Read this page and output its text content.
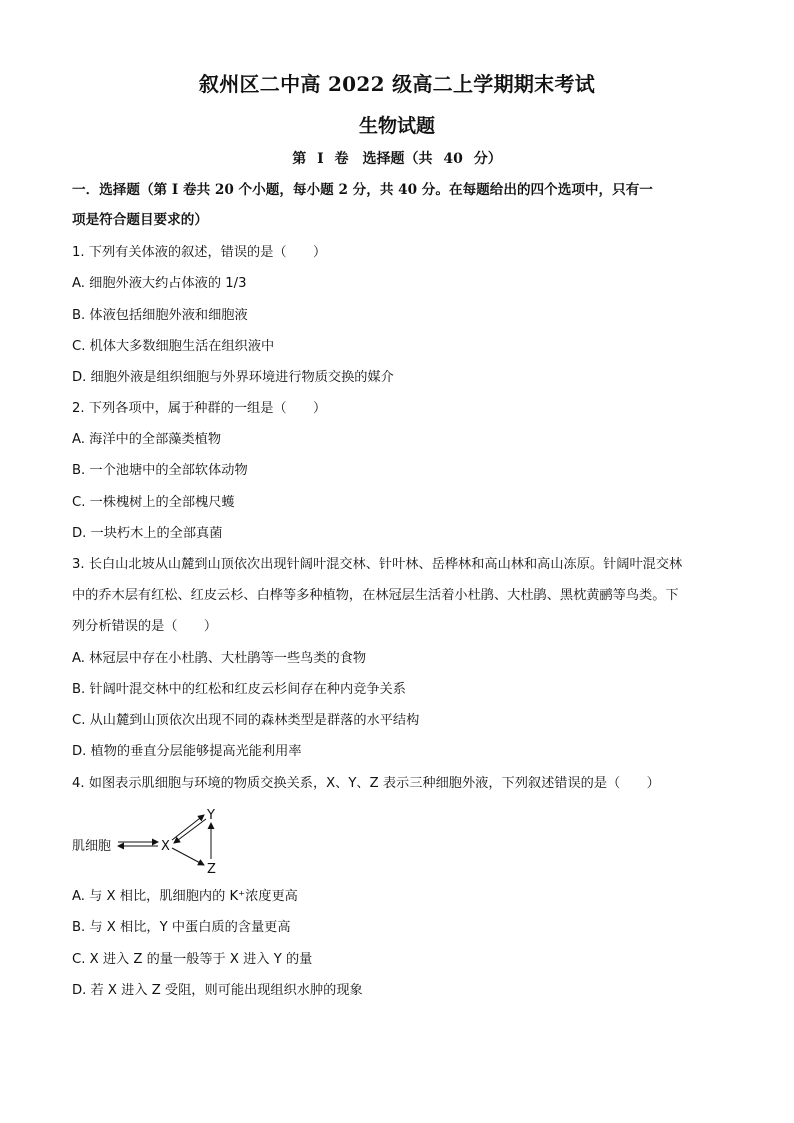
叙州区二中高 2022 级高二上学期期末考试
生物试题
第 I 卷　选择题（共 40 分）
一．选择题（第 I 卷共 20 个小题，每小题 2 分，共 40 分。在每题给出的四个选项中，只有一
项是符合题目要求的）
1. 下列有关体液的叙述，错误的是（　　）
A. 细胞外液大约占体液的 1/3
B. 体液包括细胞外液和细胞液
C. 机体大多数细胞生活在组织液中
D. 细胞外液是组织细胞与外界环境进行物质交换的媒介
2. 下列各项中，属于种群的一组是（　　）
A. 海洋中的全部藻类植物
B. 一个池塘中的全部软体动物
C. 一株槐树上的全部槐尺蠖
D. 一块朽木上的全部真菌
3. 长白山北坡从山麓到山顶依次出现针阔叶混交林、针叶林、岳桦林和高山林和高山冻原。针阔叶混交林
中的乔木层有红松、红皮云杉、白桦等多种植物，在林冠层生活着小杜鹃、大杜鹃、黑枕黄鹂等鸟类。下
列分析错误的是（　　）
A. 林冠层中存在小杜鹃、大杜鹃等一些鸟类的食物
B. 针阔叶混交林中的红松和红皮云杉间存在种内竞争关系
C. 从山麓到山顶依次出现不同的森林类型是群落的水平结构
D. 植物的垂直分层能够提高光能利用率
4. 如图表示肌细胞与环境的物质交换关系，X、Y、Z 表示三种细胞外液，下列叙述错误的是（　　）
肌细胞	X
Y
Z
A. 与 X 相比，肌细胞内的 K⁺浓度更高
B. 与 X 相比，Y 中蛋白质的含量更高
C. X 进入 Z 的量一般等于 X 进入 Y 的量
D. 若 X 进入 Z 受阻，则可能出现组织水肿的现象
